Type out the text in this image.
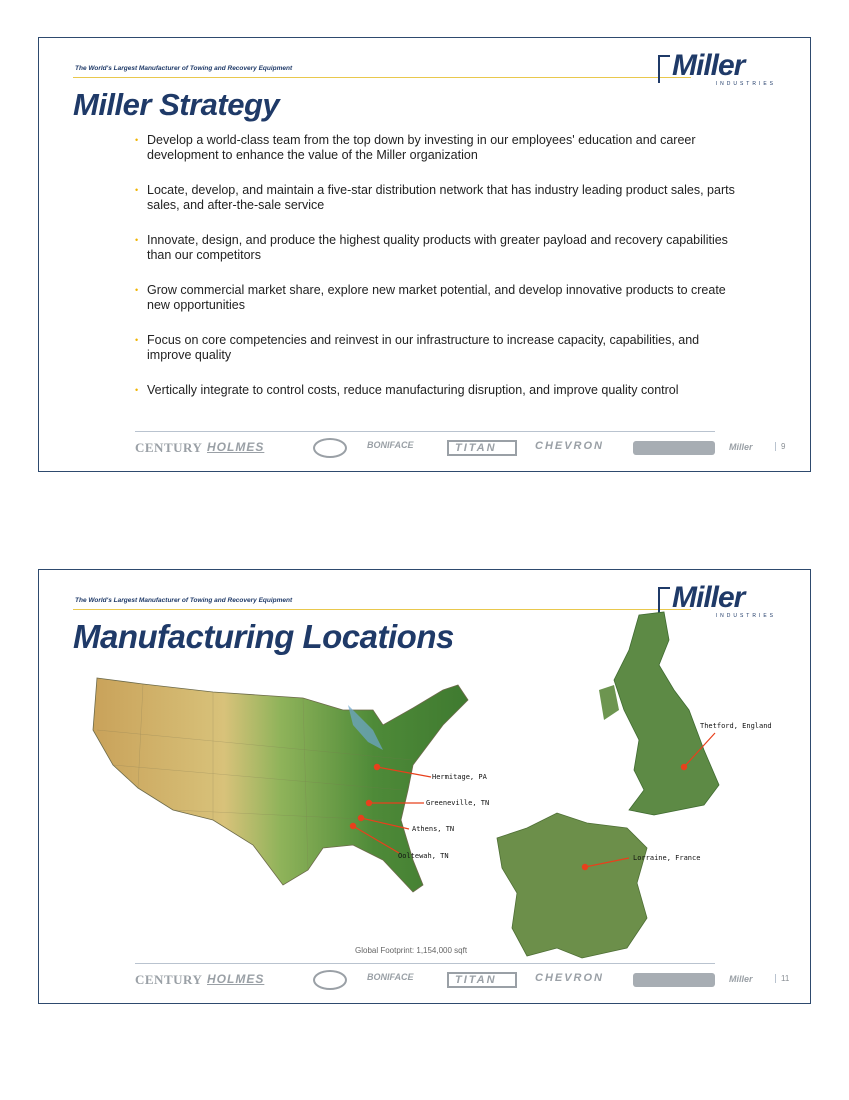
The World's Largest Manufacturer of Towing and Recovery Equipment	Miller
INDUSTRIES
Miller Strategy
• Develop a world-class team from the top down by investing in our employees' education and career development to enhance the value of the Miller organization
• Locate, develop, and maintain a five-star distribution network that has industry leading product sales, parts sales, and after-the-sale service
• Innovate, design, and produce the highest quality products with greater payload and recovery capabilities than our competitors
• Grow commercial market share, explore new market potential, and develop innovative products to create new opportunities
• Focus on core competencies and reinvest in our infrastructure to increase capacity, capabilities, and improve quality
• Vertically integrate to control costs, reduce manufacturing disruption, and improve quality control
CENTURY HOLMES	BONIFACE	TITAN	CHEVRON	Miller	9
The World's Largest Manufacturer of Towing and Recovery Equipment	Miller
INDUSTRIES
Manufacturing Locations
Hermitage, PA
Greeneville, TN
Athens, TN
Ooltewah, TN
Thetford, England
Lorraine, France
Global Footprint: 1,154,000 sqft
CENTURY HOLMES	BONIFACE	TITAN	CHEVRON	Miller	11
